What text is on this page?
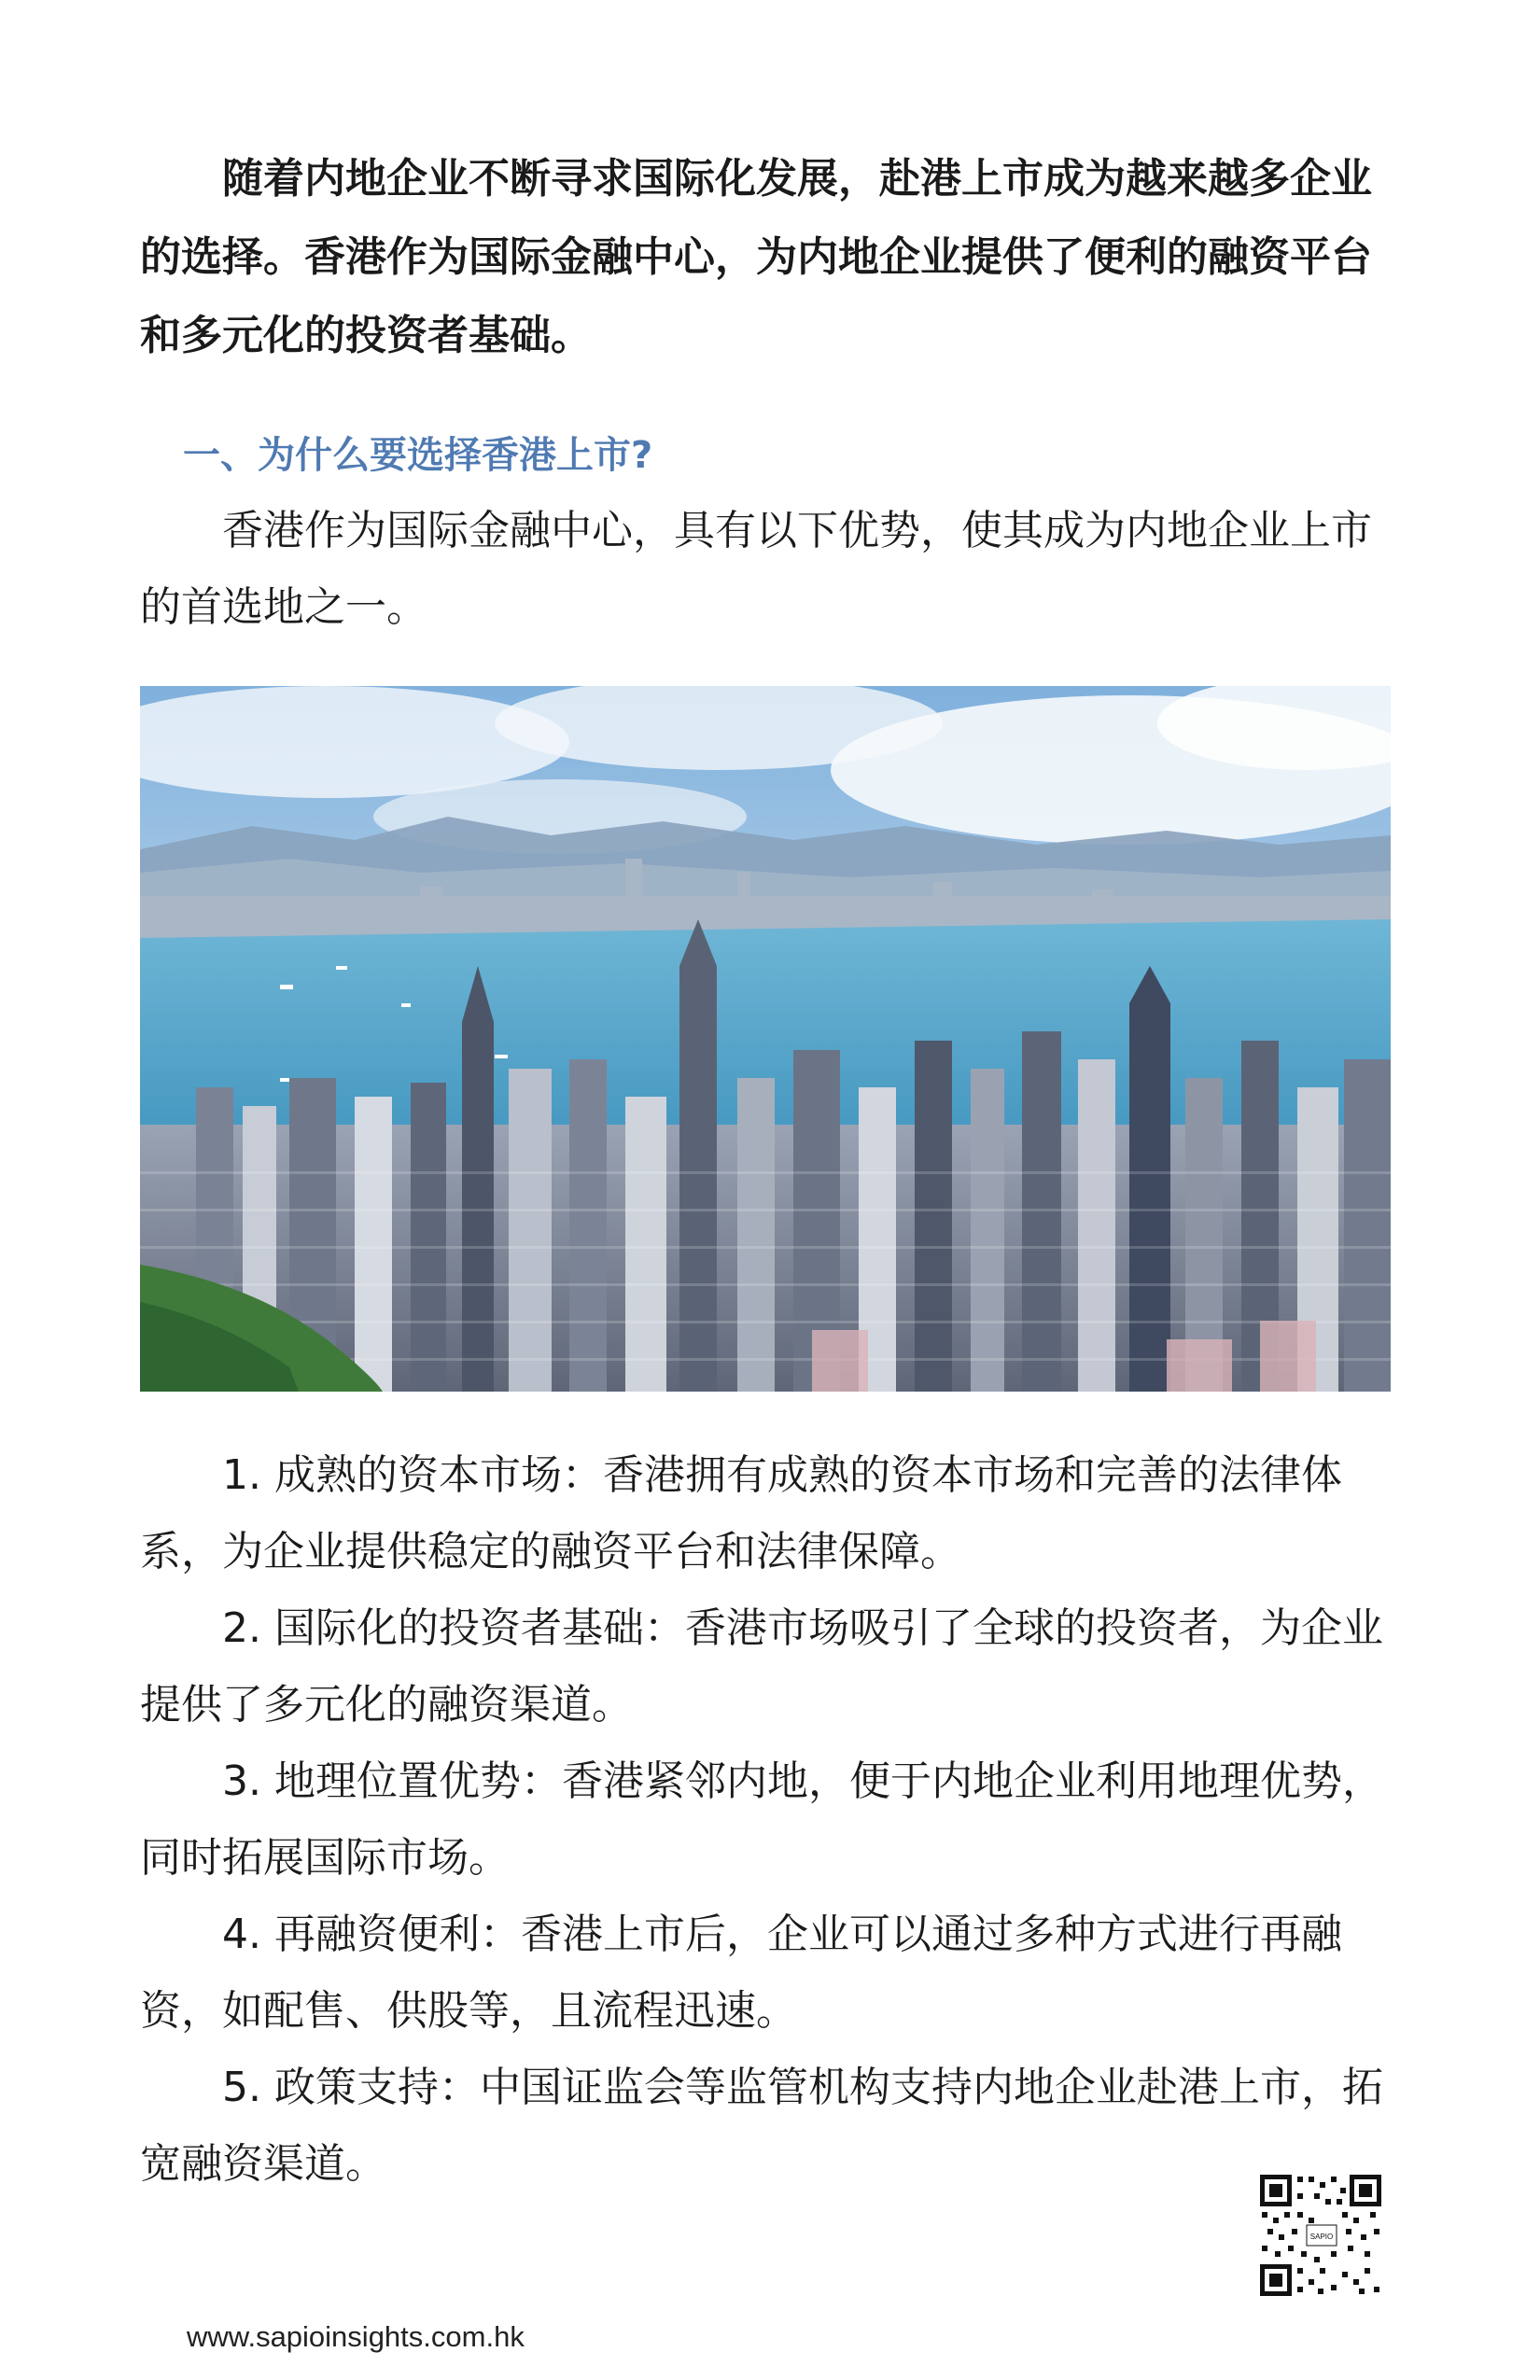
随着内地企业不断寻求国际化发展，赴港上市成为越来越多企业的选择。香港作为国际金融中心，为内地企业提供了便利的融资平台和多元化的投资者基础。

一、为什么要选择香港上市?

香港作为国际金融中心，具有以下优势，使其成为内地企业上市的首选地之一。

1. 成熟的资本市场：香港拥有成熟的资本市场和完善的法律体系，为企业提供稳定的融资平台和法律保障。
2. 国际化的投资者基础：香港市场吸引了全球的投资者，为企业提供了多元化的融资渠道。
3. 地理位置优势：香港紧邻内地，便于内地企业利用地理优势，同时拓展国际市场。
4. 再融资便利：香港上市后，企业可以通过多种方式进行再融资，如配售、供股等，且流程迅速。
5. 政策支持：中国证监会等监管机构支持内地企业赴港上市，拓宽融资渠道。
SAPIO
www.sapioinsights.com.hk
